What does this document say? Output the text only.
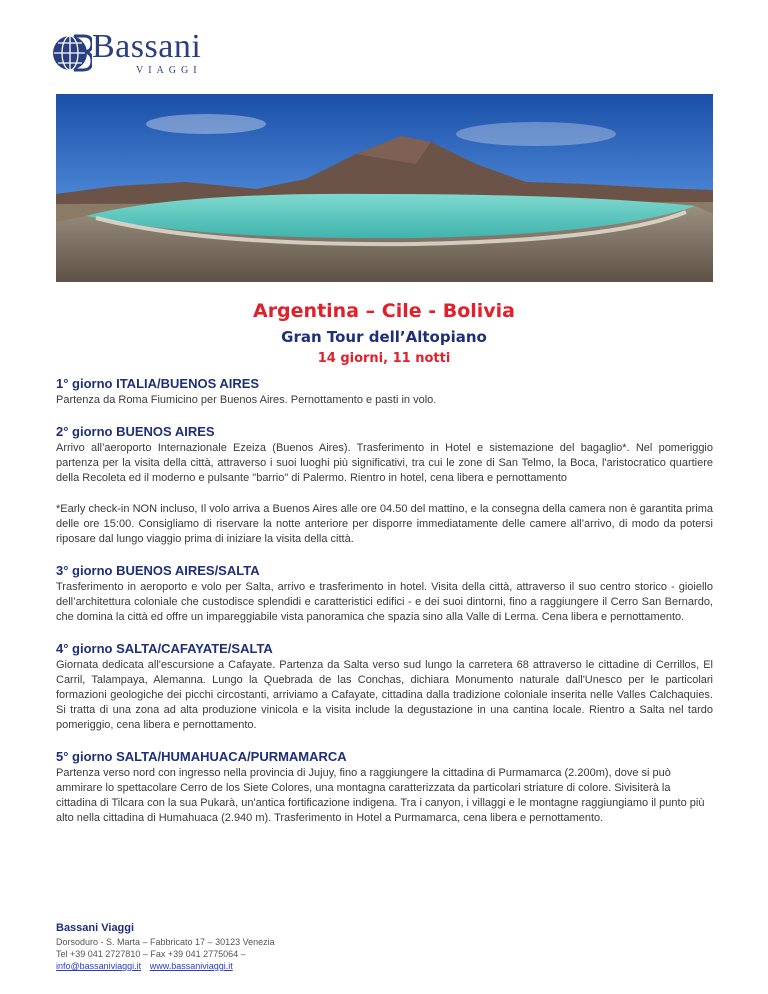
Bassani
VIAGGI
Argentina – Cile - Bolivia
Gran Tour dell’Altopiano
14 giorni, 11 notti
1° giorno ITALIA/BUENOS AIRES

Partenza da Roma Fiumicino per Buenos Aires. Pernottamento e pasti in volo.

2° giorno BUENOS AIRES

Arrivo all’aeroporto Internazionale Ezeiza (Buenos Aires). Trasferimento in Hotel e sistemazione del bagaglio*. Nel pomeriggio partenza per la visita della città, attraverso i suoi luoghi più significativi, tra cui le zone di San Telmo, la Boca, l'aristocratico quartiere della Recoleta ed il moderno e pulsante "barrio" di Palermo. Rientro in hotel, cena libera e pernottamento

*Early check-in NON incluso, Il volo arriva a Buenos Aires alle ore 04.50 del mattino, e la consegna della camera non è garantita prima delle ore 15:00. Consigliamo di riservare la notte anteriore per disporre immediatamente delle camere all’arrivo, di modo da potersi riposare dal lungo viaggio prima di iniziare la visita della città.

3° giorno BUENOS AIRES/SALTA

Trasferimento in aeroporto e volo per Salta, arrivo e trasferimento in hotel. Visita della città, attraverso il suo centro storico - gioiello dell’architettura coloniale che custodisce splendidi e caratteristici edifici - e dei suoi dintorni, fino a raggiungere il Cerro San Bernardo, che domina la città ed offre un impareggiabile vista panoramica che spazia sino alla Valle di Lerma. Cena libera e pernottamento.

4° giorno SALTA/CAFAYATE/SALTA

Giornata dedicata all'escursione a Cafayate. Partenza da Salta verso sud lungo la carretera 68 attraverso le cittadine di Cerrillos, El Carril, Talampaya, Alemanna. Lungo la Quebrada de las Conchas, dichiara Monumento naturale dall'Unesco per le particolari formazioni geologiche dei picchi circostanti, arriviamo a Cafayate, cittadina dalla tradizione coloniale inserita nelle Valles Calchaquies. Si tratta di una zona ad alta produzione vinicola e la visita include la degustazione in una cantina locale. Rientro a Salta nel tardo pomeriggio, cena libera e pernottamento.

5° giorno SALTA/HUMAHUACA/PURMAMARCA

Partenza verso nord con ingresso nella provincia di Jujuy, fino a raggiungere la cittadina di Purmamarca (2.200m), dove si può ammirare lo spettacolare Cerro de los Siete Colores, una montagna caratterizzata da particolari striature di colore. Sivisiterà la cittadina di Tilcara con la sua Pukarà, un'antica fortificazione indigena. Tra i canyon, i villaggi e le montagne raggiungiamo il punto più alto nella cittadina di Humahuaca (2.940 m). Trasferimento in Hotel a Purmamarca, cena libera e pernottamento.

Bassani Viaggi
Dorsoduro - S. Marta – Fabbricato 17 – 30123 Venezia
Tel +39 041 2727810 – Fax +39 041 2775064 –
info@bassaniviaggi.it www.bassaniviaggi.it
